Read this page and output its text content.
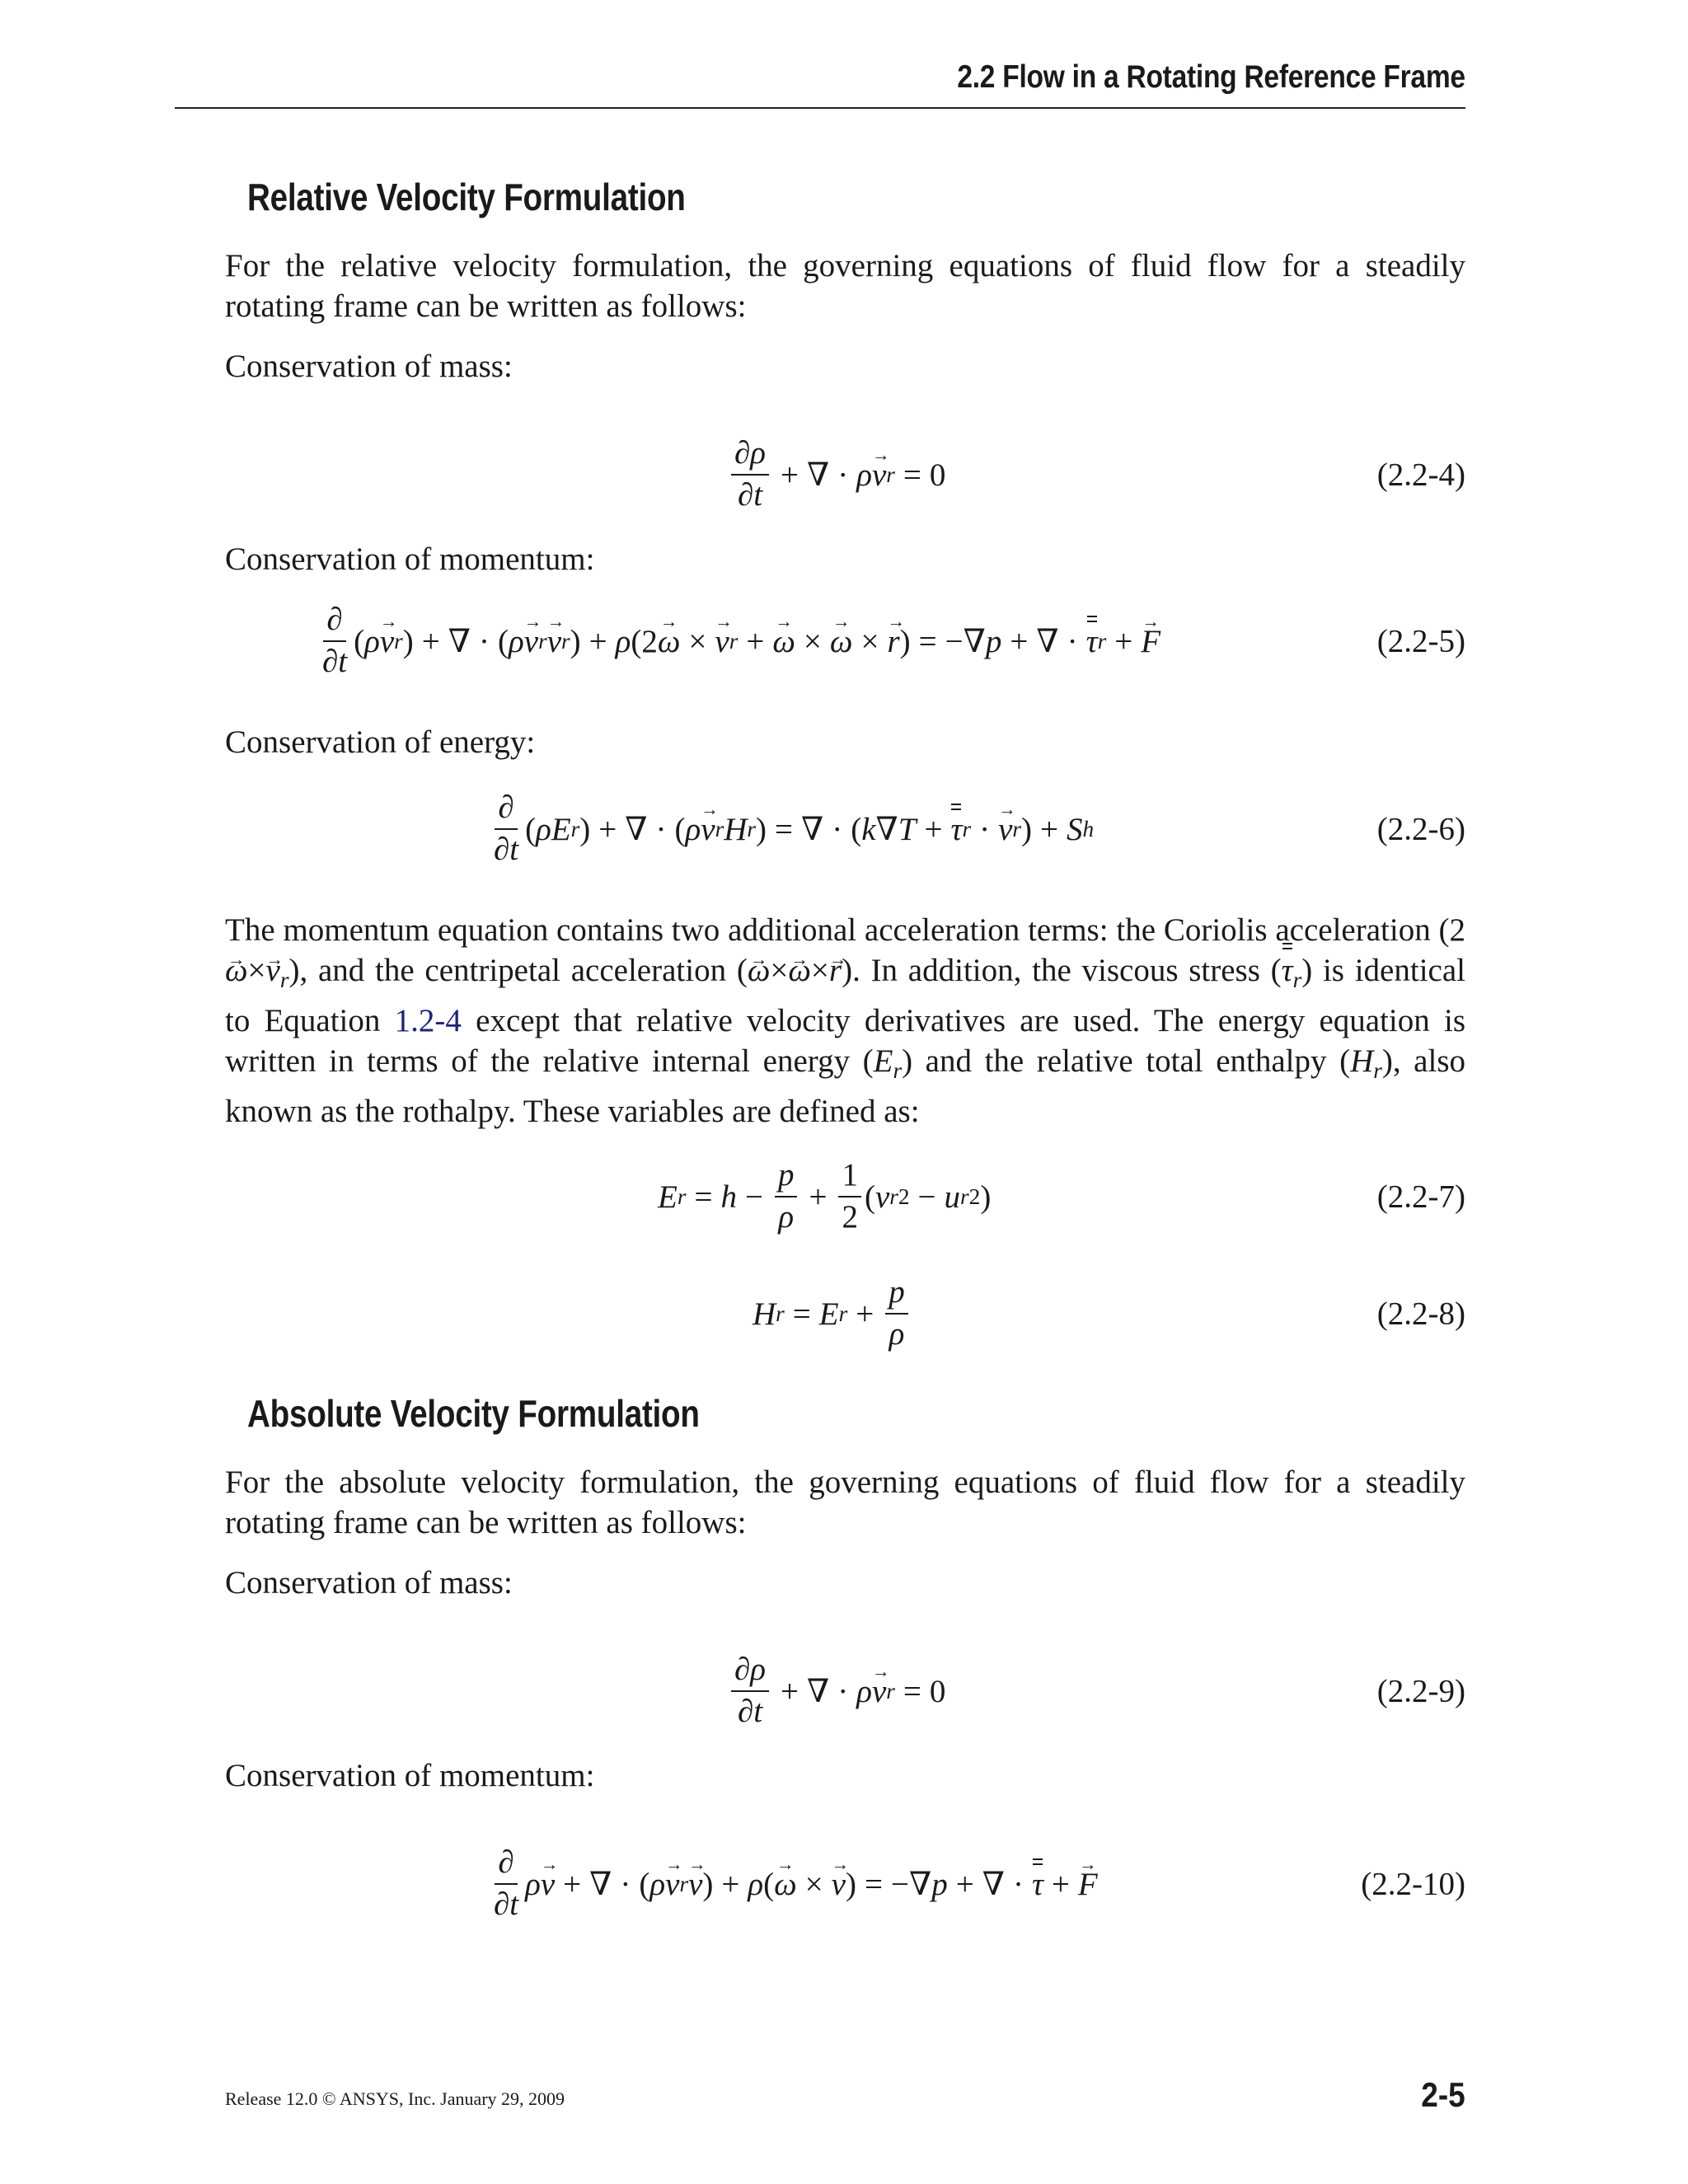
2.2 Flow in a Rotating Reference Frame
Relative Velocity Formulation
For the relative velocity formulation, the governing equations of fluid flow for a steadily rotating frame can be written as follows:
Conservation of mass:
$\frac{\partial\rho}{\partial t}$ + ∇ · ρ → v r = 0	(2.2-4)
Conservation of momentum:
$\frac{\partial}{\partial t}$ ( ρ → v r ) + ∇ · ( ρ → v r → v r ) + ρ (2 → ω × → v r + → ω × → ω × → r ) = −∇ p + ∇ · τ r + → F	(2.2-5)
Conservation of energy:
$\frac{\partial}{\partial t}$ ( ρE r ) + ∇ · ( ρ → v r H r ) = ∇ · ( k ∇ T + τ r · → v r ) + S h	(2.2-6)
The momentum equation contains two additional acceleration terms: the Coriolis acceleration $(2\to \omega\times\to v_r)$, and the centripetal acceleration (→ ω×→ ω×→ r). In addition, the viscous stress $(\tau_r)$ is identical to Equation 1.2-4 except that relative velocity derivatives are used. The energy equation is written in terms of the relative internal energy $(E_r)$ and the relative total enthalpy $(H_r)$, also known as the rothalpy. These variables are defined as:
E $r = h - \frac{p}{\rho} + \frac{1}{2}$ ( v r 2 − u r 2 )	(2.2-7)
H r = E $r + \frac{p}{\rho}$	(2.2-8)
Absolute Velocity Formulation
For the absolute velocity formulation, the governing equations of fluid flow for a steadily rotating frame can be written as follows:
Conservation of mass:
$\frac{\partial\rho}{\partial t}$ + ∇ · ρ → v r = 0	(2.2-9)
Conservation of momentum:
$\frac{\partial}{\partial t}$ ρ → v + ∇ · ( ρ → v r → v ) + ρ ( → ω × → v ) = −∇ p + ∇ · τ + → F	(2.2-10)
Release 12.0 © ANSYS, Inc. January 29, 2009	2-5
